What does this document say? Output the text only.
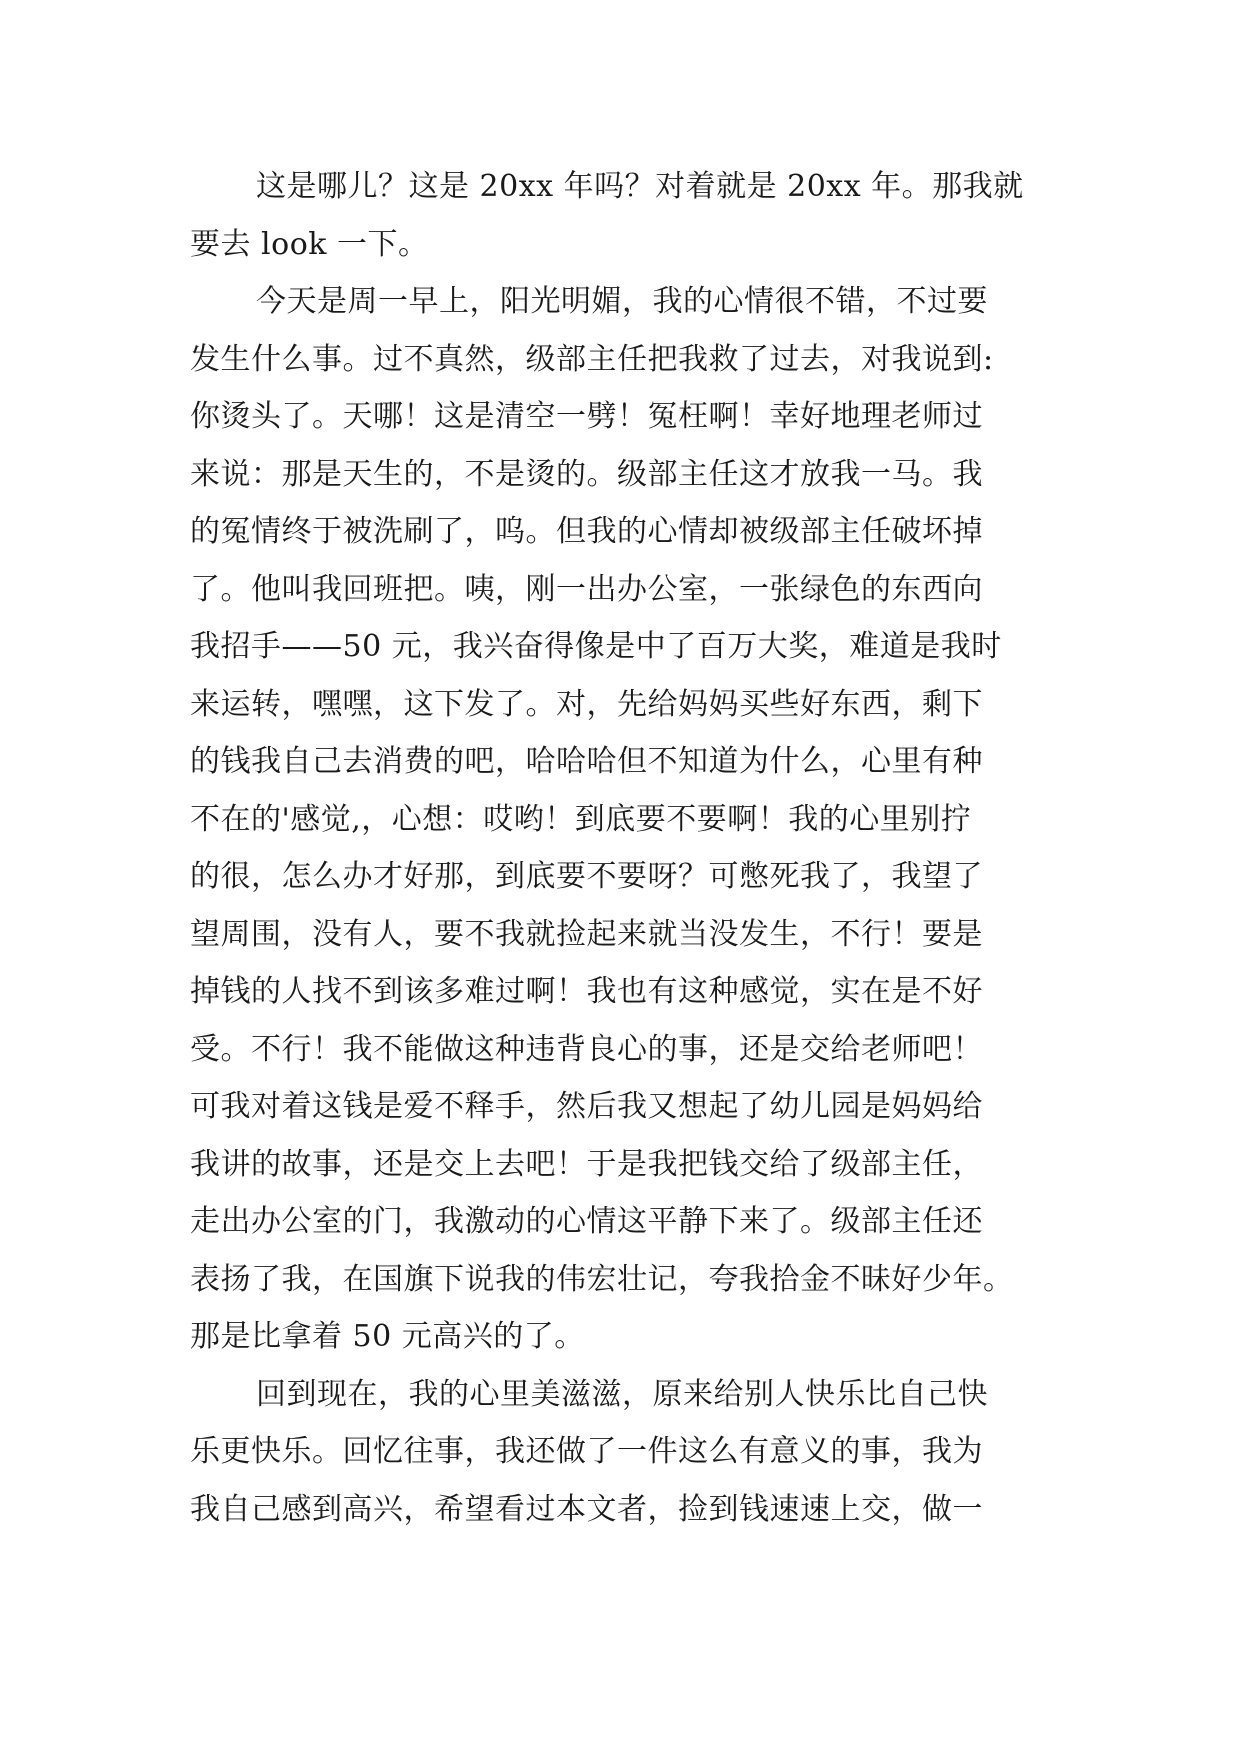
这是哪儿？这是 20xx 年吗？对着就是 20xx 年。那我就
要去 look 一下。
今天是周一早上，阳光明媚，我的心情很不错，不过要
发生什么事。过不真然，级部主任把我救了过去，对我说到:
你烫头了。天哪！这是清空一劈！冤枉啊！幸好地理老师过
来说：那是天生的，不是烫的。级部主任这才放我一马。我
的冤情终于被洗刷了，呜。但我的心情却被级部主任破坏掉
了。他叫我回班把。咦，刚一出办公室，一张绿色的东西向
我招手——50 元，我兴奋得像是中了百万大奖，难道是我时
来运转，嘿嘿，这下发了。对，先给妈妈买些好东西，剩下
的钱我自己去消费的吧，哈哈哈但不知道为什么，心里有种
不在的'感觉,，心想：哎哟！到底要不要啊！我的心里别拧
的很，怎么办才好那，到底要不要呀？可憋死我了，我望了
望周围，没有人，要不我就捡起来就当没发生，不行！要是
掉钱的人找不到该多难过啊！我也有这种感觉，实在是不好
受。不行！我不能做这种违背良心的事，还是交给老师吧！
可我对着这钱是爱不释手，然后我又想起了幼儿园是妈妈给
我讲的故事，还是交上去吧！于是我把钱交给了级部主任，
走出办公室的门，我激动的心情这平静下来了。级部主任还
表扬了我，在国旗下说我的伟宏壮记，夸我拾金不昧好少年。
那是比拿着 50 元高兴的了。
回到现在，我的心里美滋滋，原来给别人快乐比自己快
乐更快乐。回忆往事，我还做了一件这么有意义的事，我为
我自己感到高兴，希望看过本文者，捡到钱速速上交，做一
